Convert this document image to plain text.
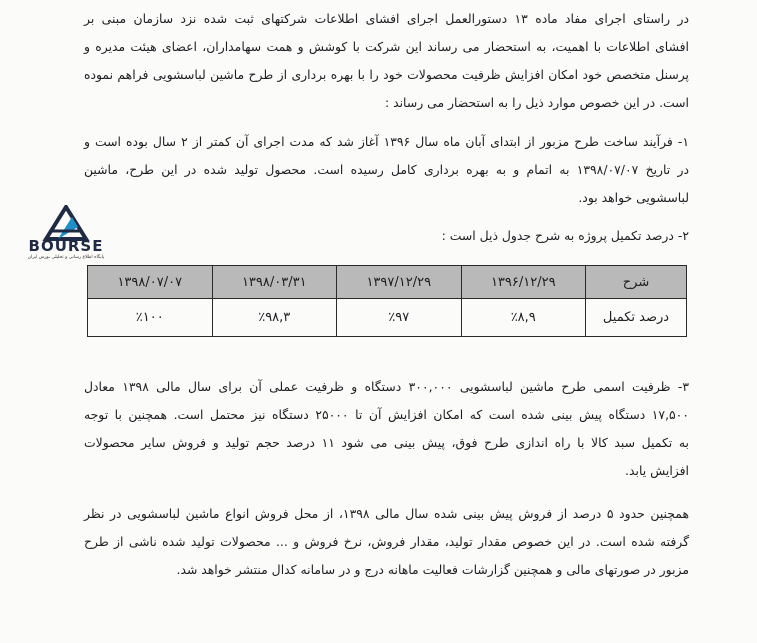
در راستای اجرای مفاد ماده ۱۳ دستورالعمل اجرای افشای اطلاعات شرکتهای ثبت شده نزد سازمان مبنی بر
افشای اطلاعات با اهمیت، به استحضار می رساند این شرکت با کوشش و همت سهامداران، اعضای هیئت مدیره و
پرسنل متخصص خود امکان افزایش ظرفیت محصولات خود را با بهره برداری از طرح ماشین لباسشویی فراهم نموده
است. در این خصوص موارد ذیل را به استحضار می رساند :
۱- فرآیند ساخت طرح مزبور از ابتدای آبان ماه سال ۱۳۹۶ آغاز شد که مدت اجرای آن کمتر از ۲ سال بوده است و
در تاریخ ۱۳۹۸/۰۷/۰۷ به اتمام و به بهره برداری کامل رسیده است. محصول تولید شده در این طرح، ماشین
لباسشویی خواهد بود.
BOURSE
پایگاه اطلاع رسانی و تحلیلی بورس ایران
۲- درصد تکمیل پروژه به شرح جدول ذیل است :
شرح	۱۳۹۶/۱۲/۲۹	۱۳۹۷/۱۲/۲۹	۱۳۹۸/۰۳/۳۱	۱۳۹۸/۰۷/۰۷
درصد تکمیل	٪۸,۹	٪۹۷	٪۹۸,۳	٪۱۰۰
۳- ظرفیت اسمی طرح ماشین لباسشویی ۳۰۰,۰۰۰ دستگاه و ظرفیت عملی آن برای سال مالی ۱۳۹۸ معادل
۱۷,۵۰۰ دستگاه پیش بینی شده است که امکان افزایش آن تا ۲۵۰۰۰ دستگاه نیز محتمل است. همچنین با توجه
به تکمیل سبد کالا با راه اندازی طرح فوق، پیش بینی می شود ۱۱ درصد حجم تولید و فروش سایر محصولات
افزایش یابد.
همچنین حدود ۵ درصد از فروش پیش بینی شده سال مالی ۱۳۹۸، از محل فروش انواع ماشین لباسشویی در نظر
گرفته شده است. در این خصوص مقدار تولید، مقدار فروش، نرخ فروش و ... محصولات تولید شده ناشی از طرح
مزبور در صورتهای مالی و همچنین گزارشات فعالیت ماهانه درج و در سامانه کدال منتشر خواهد شد.
